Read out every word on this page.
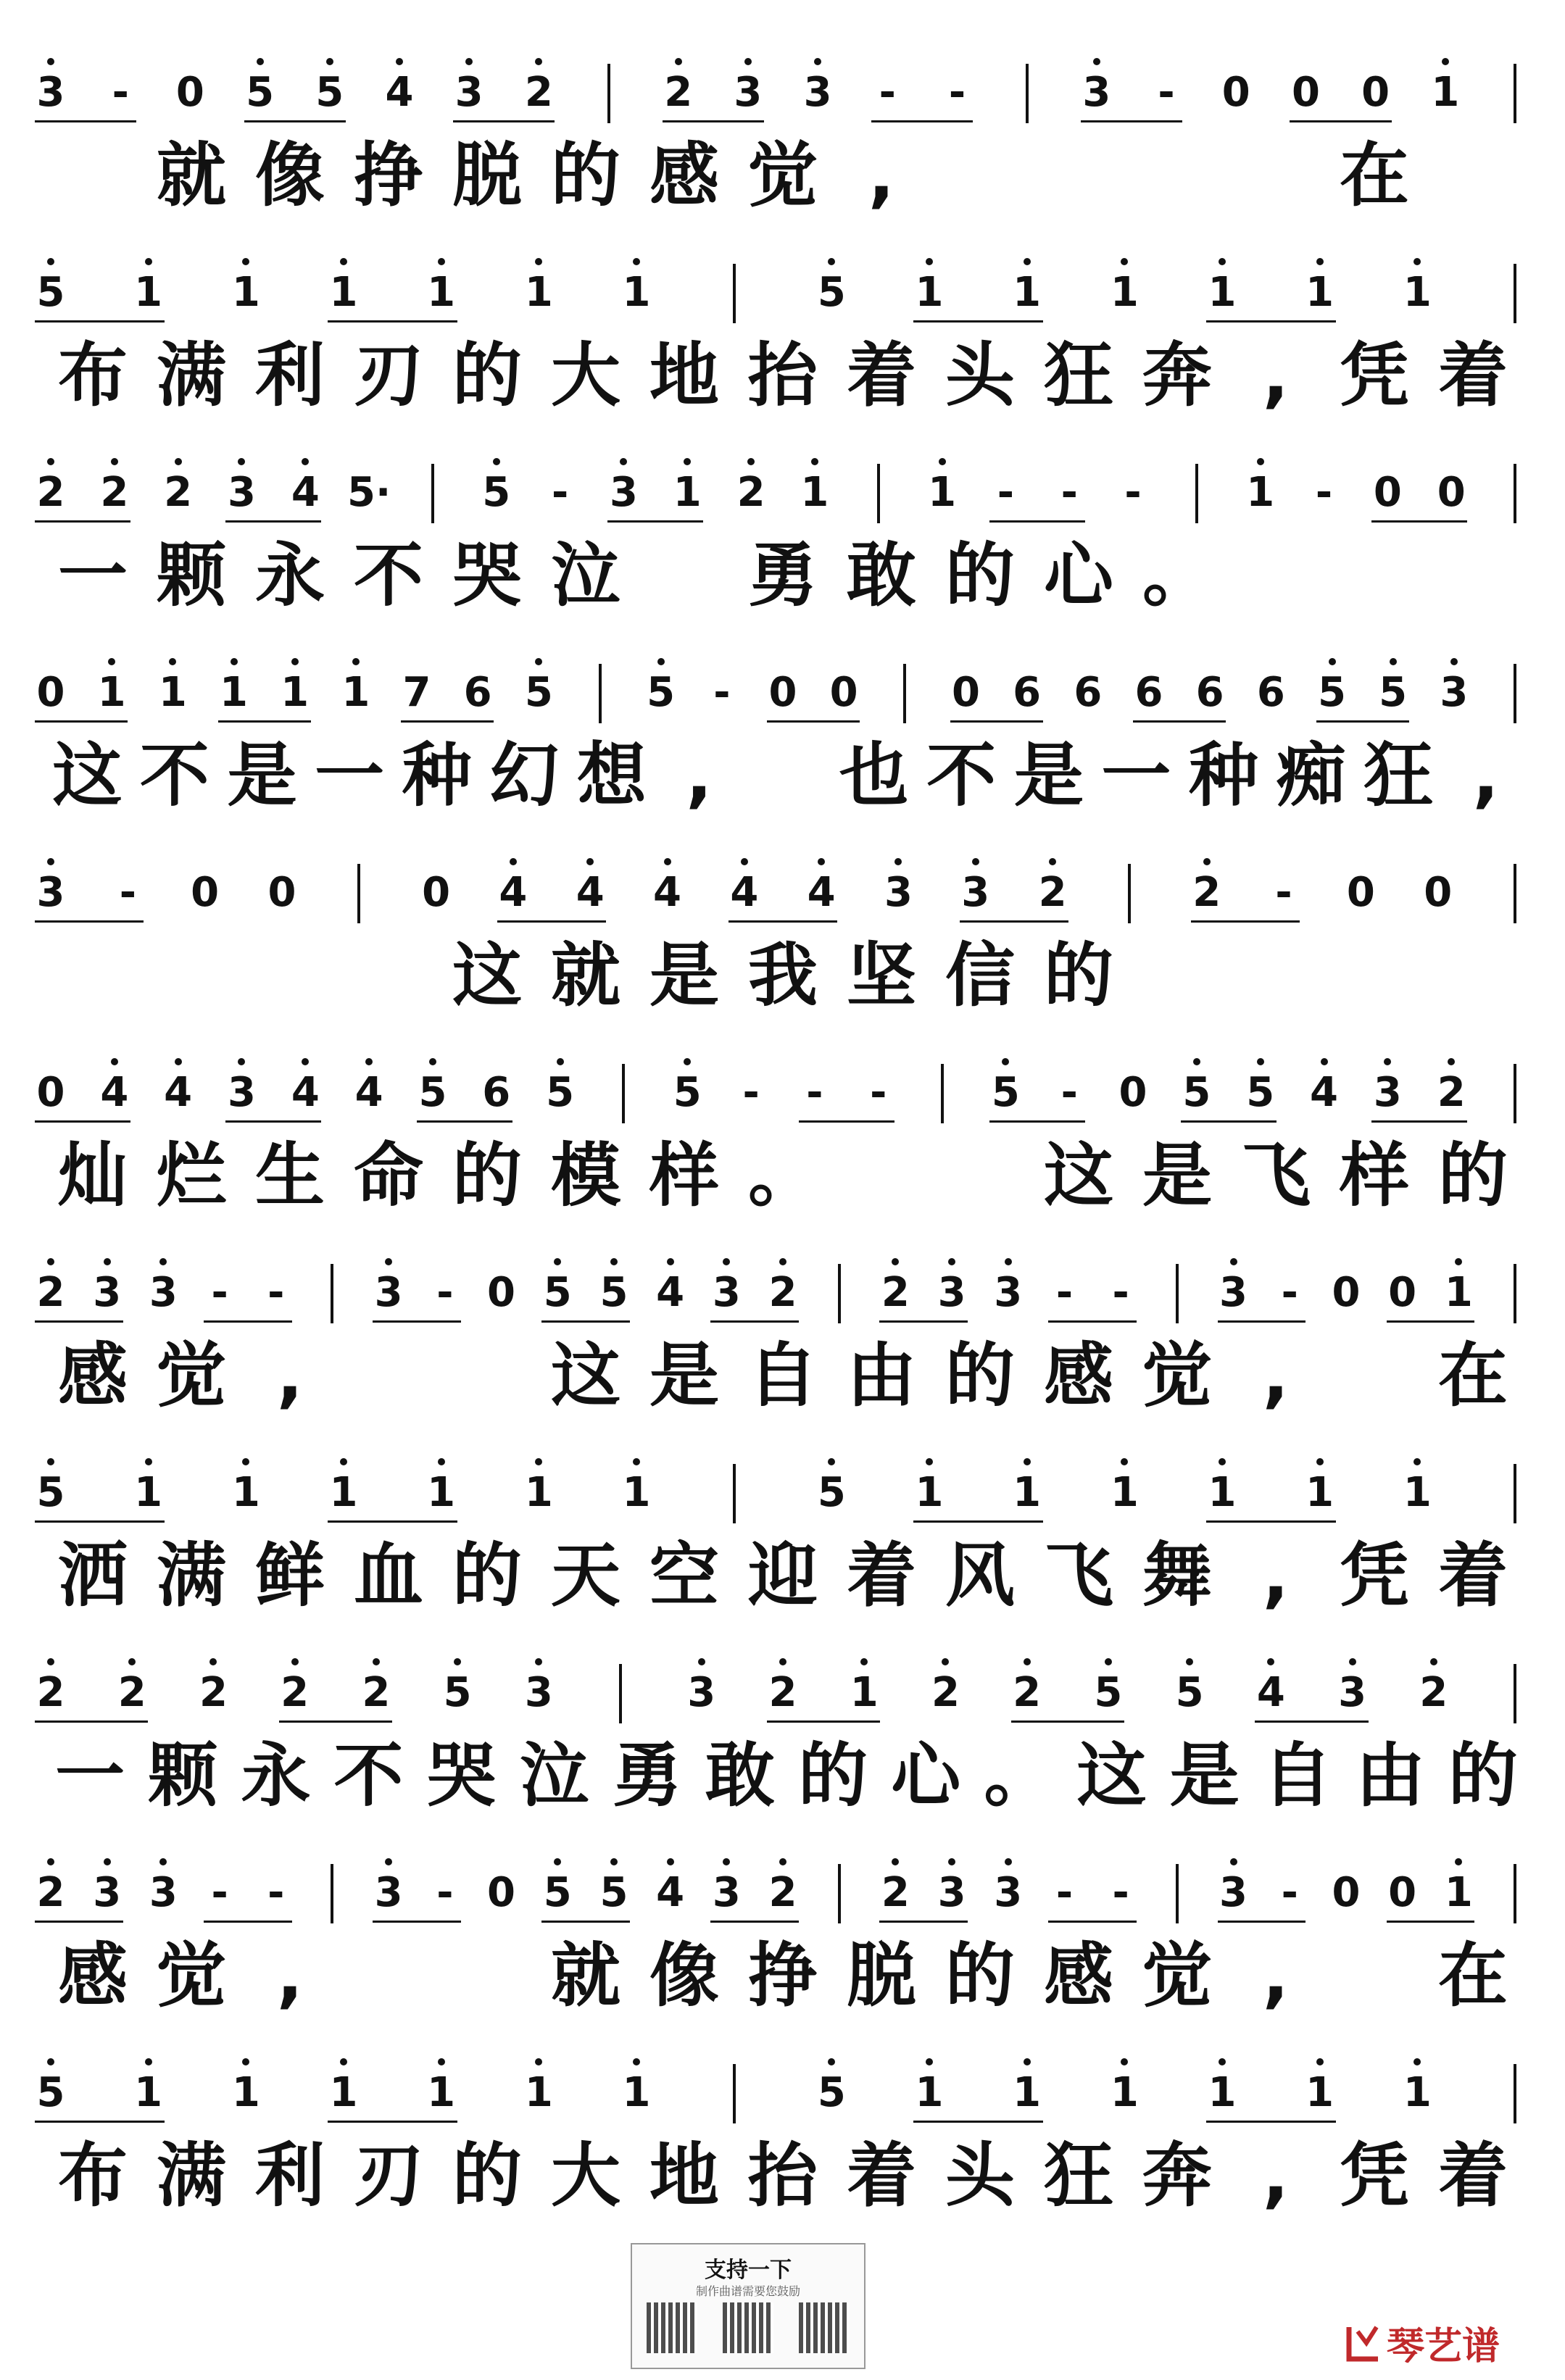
3 - 0 5 5 4 3 2	2 3 3 - -	3 - 0 0 0 1
就 像 挣 脱 的 感 觉 ,	在
5 1 1 1 1 1 1	5 1 1 1 1 1 1
布 满 利 刃 的 大 地 抬 着 头 狂 奔 , 凭 着
2 2 2 3 4 5· 5 - 3 1 2 1 1 - - -	1 - 0 0
一 颗 永 不 哭 泣 勇 敢 的 心 。
0 1 1 1 1 1 7 6 5 5 - 0 0 0 6 6 6 6 6 5 5 3
这 不 是 一 种 幻 想 ,	也 不 是 一 种 痴 狂 ,
3 - 0 0	0 4 4 4 4 4 3 3 2	2 - 0 0
这 就 是 我 坚 信 的
0 4 4 3 4 4 5 6 5 5 - - -	5 - 0 5 5 4 3 2
灿 烂 生 命 的 模 样 。	这 是 飞 样 的
2 3 3 - - 3 - 0 5 5 4 3 2 2 3 3 - - 3 - 0 0 1
感 觉 ,	这 是 自 由 的 感 觉 ,	在
5 1 1 1 1 1 1	5 1 1 1 1 1 1
洒 满 鲜 血 的 天 空 迎 着 风 飞 舞 , 凭 着
2 2 2 2 2 5 3	3 2 1 2 2 5 5 4 3 2
一 颗 永 不 哭 泣 勇 敢 的 心 。 这 是 自 由 的
2 3 3 - - 3 - 0 5 5 4 3 2 2 3 3 - - 3 - 0 0 1
感 觉 ,	就 像 挣 脱 的 感 觉 ,	在
5 1 1 1 1 1 1	5 1 1 1 1 1 1
布 满 利 刃 的 大 地 抬 着 头 狂 奔 , 凭 着
支持一下
制作曲谱需要您鼓励
琴艺谱
